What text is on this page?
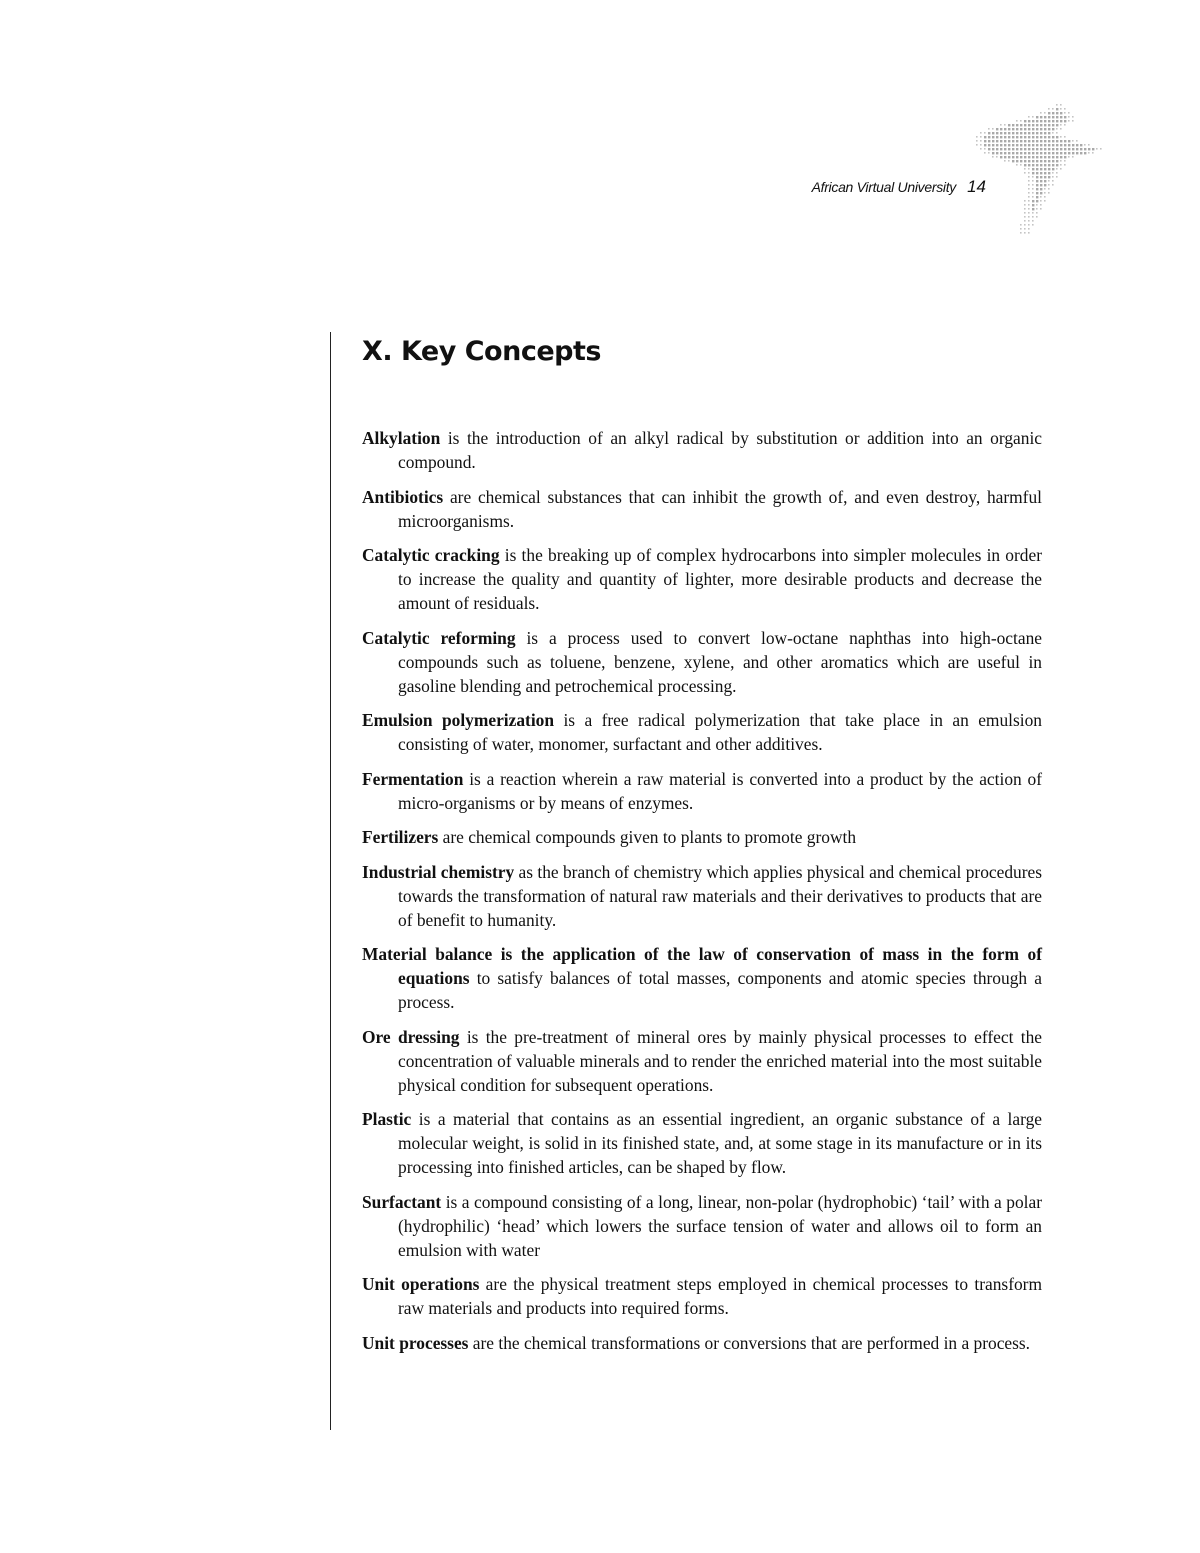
African Virtual University 14
X. Key Concepts

Alkylation is the introduction of an alkyl radical by substitution or addition into an organic compound.

Antibiotics are chemical substances that can inhibit the growth of, and even destroy, harmful microorganisms.

Catalytic cracking is the breaking up of complex hydrocarbons into simpler molecules in order to increase the quality and quantity of lighter, more desirable products and decrease the amount of residuals.

Catalytic reforming is a process used to convert low-octane naphthas into high-octane compounds such as toluene, benzene, xylene, and other aromatics which are useful in gasoline blending and petrochemical processing.

Emulsion polymerization is a free radical polymerization that take place in an emulsion consisting of water, monomer, surfactant and other additives.

Fermentation is a reaction wherein a raw material is converted into a product by the action of micro-organisms or by means of enzymes.

Fertilizers are chemical compounds given to plants to promote growth

Industrial chemistry as the branch of chemistry which applies physical and chemical procedures towards the transformation of natural raw materials and their derivatives to products that are of benefit to humanity.

Material balance is the application of the law of conservation of mass in the form of equations to satisfy balances of total masses, components and atomic species through a process.

Ore dressing is the pre-treatment of mineral ores by mainly physical processes to effect the concentration of valuable minerals and to render the enriched material into the most suitable physical condition for subsequent operations.

Plastic is a material that contains as an essential ingredient, an organic substance of a large molecular weight, is solid in its finished state, and, at some stage in its manufacture or in its processing into finished articles, can be shaped by flow.

Surfactant is a compound consisting of a long, linear, non-polar (hydrophobic) ‘tail’ with a polar (hydrophilic) ‘head’ which lowers the surface tension of water and allows oil to form an emulsion with water

Unit operations are the physical treatment steps employed in chemical processes to transform raw materials and products into required forms.

Unit processes are the chemical transformations or conversions that are performed in a process.
